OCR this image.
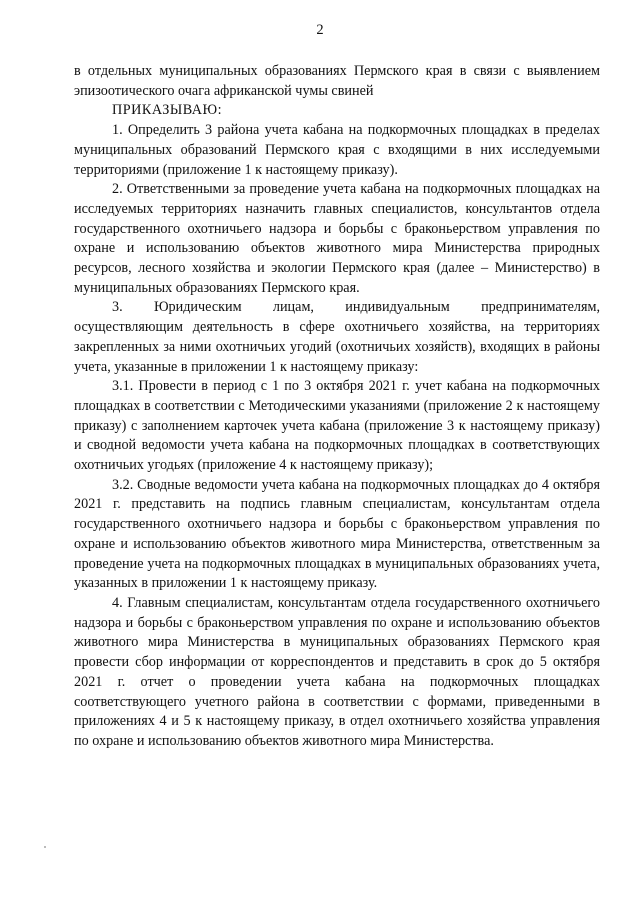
2

в отдельных муниципальных образованиях Пермского края в связи с выявлением эпизоотического очага африканской чумы свиней

ПРИКАЗЫВАЮ:

1. Определить 3 района учета кабана на подкормочных площадках в пределах муниципальных образований Пермского края с входящими в них исследуемыми территориями (приложение 1 к настоящему приказу).

2. Ответственными за проведение учета кабана на подкормочных площадках на исследуемых территориях назначить главных специалистов, консультантов отдела государственного охотничьего надзора и борьбы с браконьерством управления по охране и использованию объектов животного мира Министерства природных ресурсов, лесного хозяйства и экологии Пермского края (далее – Министерство) в муниципальных образованиях Пермского края.

3. Юридическим лицам, индивидуальным предпринимателям, осуществляющим деятельность в сфере охотничьего хозяйства, на территориях закрепленных за ними охотничьих угодий (охотничьих хозяйств), входящих в районы учета, указанные в приложении 1 к настоящему приказу:

3.1. Провести в период с 1 по 3 октября 2021 г. учет кабана на подкормочных площадках в соответствии с Методическими указаниями (приложение 2 к настоящему приказу) с заполнением карточек учета кабана (приложение 3 к настоящему приказу) и сводной ведомости учета кабана на подкормочных площадках в соответствующих охотничьих угодьях (приложение 4 к настоящему приказу);

3.2. Сводные ведомости учета кабана на подкормочных площадках до 4 октября 2021 г. представить на подпись главным специалистам, консультантам отдела государственного охотничьего надзора и борьбы с браконьерством управления по охране и использованию объектов животного мира Министерства, ответственным за проведение учета на подкормочных площадках в муниципальных образованиях учета, указанных в приложении 1 к настоящему приказу.

4. Главным специалистам, консультантам отдела государственного охотничьего надзора и борьбы с браконьерством управления по охране и использованию объектов животного мира Министерства в муниципальных образованиях Пермского края провести сбор информации от корреспондентов и представить в срок до 5 октября 2021 г. отчет о проведении учета кабана на подкормочных площадках соответствующего учетного района в соответствии с формами, приведенными в приложениях 4 и 5 к настоящему приказу, в отдел охотничьего хозяйства управления по охране и использованию объектов животного мира Министерства.
